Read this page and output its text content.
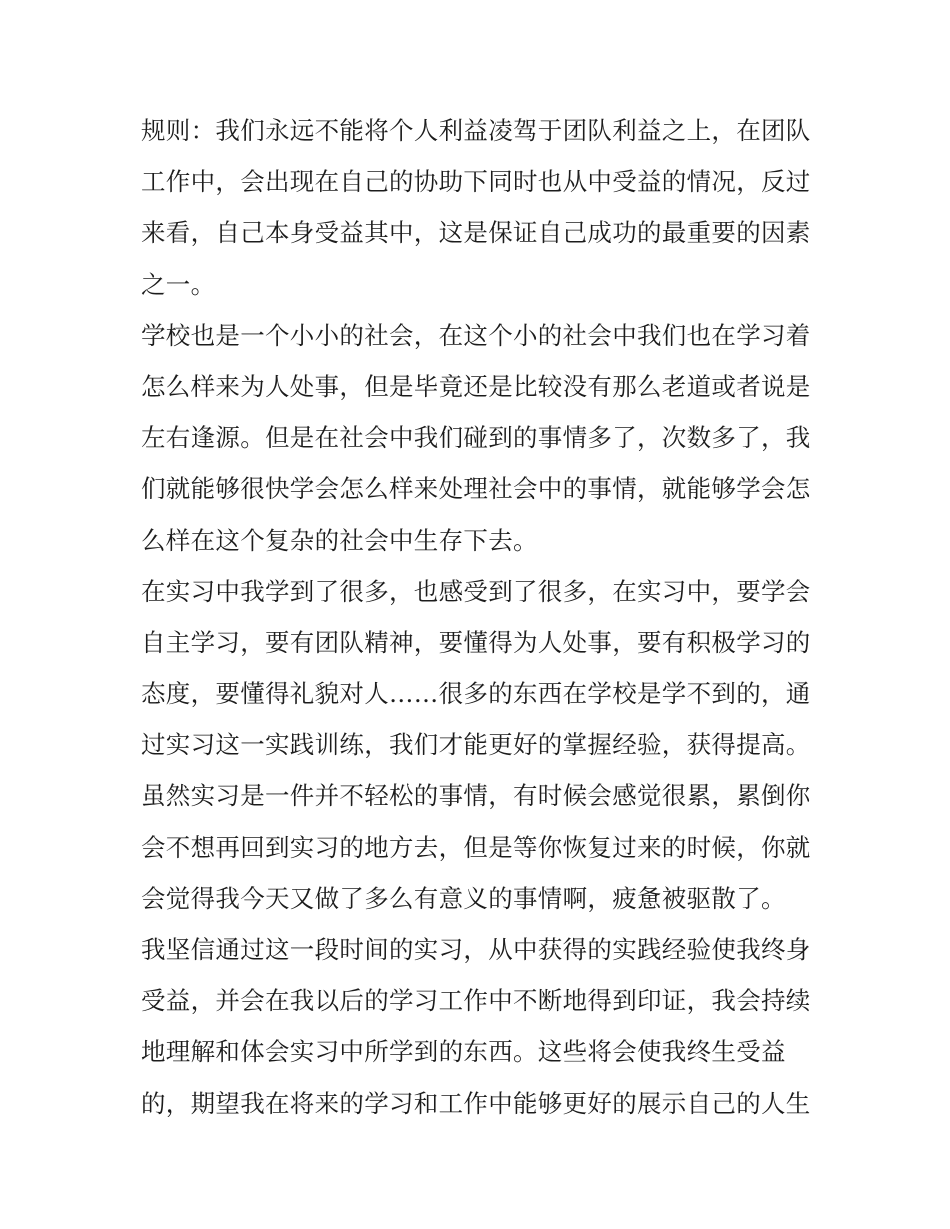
规则：我们永远不能将个人利益凌驾于团队利益之上，在团队
工作中，会出现在自己的协助下同时也从中受益的情况，反过
来看，自己本身受益其中，这是保证自己成功的最重要的因素
之一。
学校也是一个小小的社会，在这个小的社会中我们也在学习着
怎么样来为人处事，但是毕竟还是比较没有那么老道或者说是
左右逢源。但是在社会中我们碰到的事情多了，次数多了，我
们就能够很快学会怎么样来处理社会中的事情，就能够学会怎
么样在这个复杂的社会中生存下去。
在实习中我学到了很多，也感受到了很多，在实习中，要学会
自主学习，要有团队精神，要懂得为人处事，要有积极学习的
态度，要懂得礼貌对人……很多的东西在学校是学不到的，通
过实习这一实践训练，我们才能更好的掌握经验，获得提高。
虽然实习是一件并不轻松的事情，有时候会感觉很累，累倒你
会不想再回到实习的地方去，但是等你恢复过来的时候，你就
会觉得我今天又做了多么有意义的事情啊，疲惫被驱散了。
我坚信通过这一段时间的实习，从中获得的实践经验使我终身
受益，并会在我以后的学习工作中不断地得到印证，我会持续
地理解和体会实习中所学到的东西。这些将会使我终生受益
的，期望我在将来的学习和工作中能够更好的展示自己的人生
